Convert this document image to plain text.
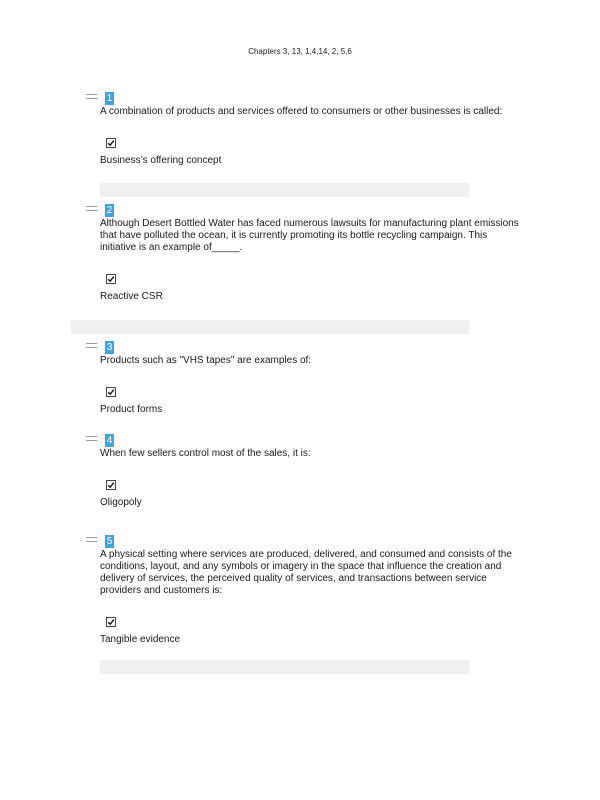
Chapters 3, 13, 1,4,14, 2, 5,6
1
A combination of products and services offered to consumers or other businesses is called:
Business’s offering concept
2
Although Desert Bottled Water has faced numerous lawsuits for manufacturing plant emissions that have polluted the ocean, it is currently promoting its bottle recycling campaign. This initiative is an example of_____.
Reactive CSR
3
Products such as "VHS tapes" are examples of:
Product forms
4
When few sellers control most of the sales, it is:
Oligopoly
5
A physical setting where services are produced, delivered, and consumed and consists of the conditions, layout, and any symbols or imagery in the space that influence the creation and delivery of services, the perceived quality of services, and transactions between service providers and customers is:
Tangible evidence
